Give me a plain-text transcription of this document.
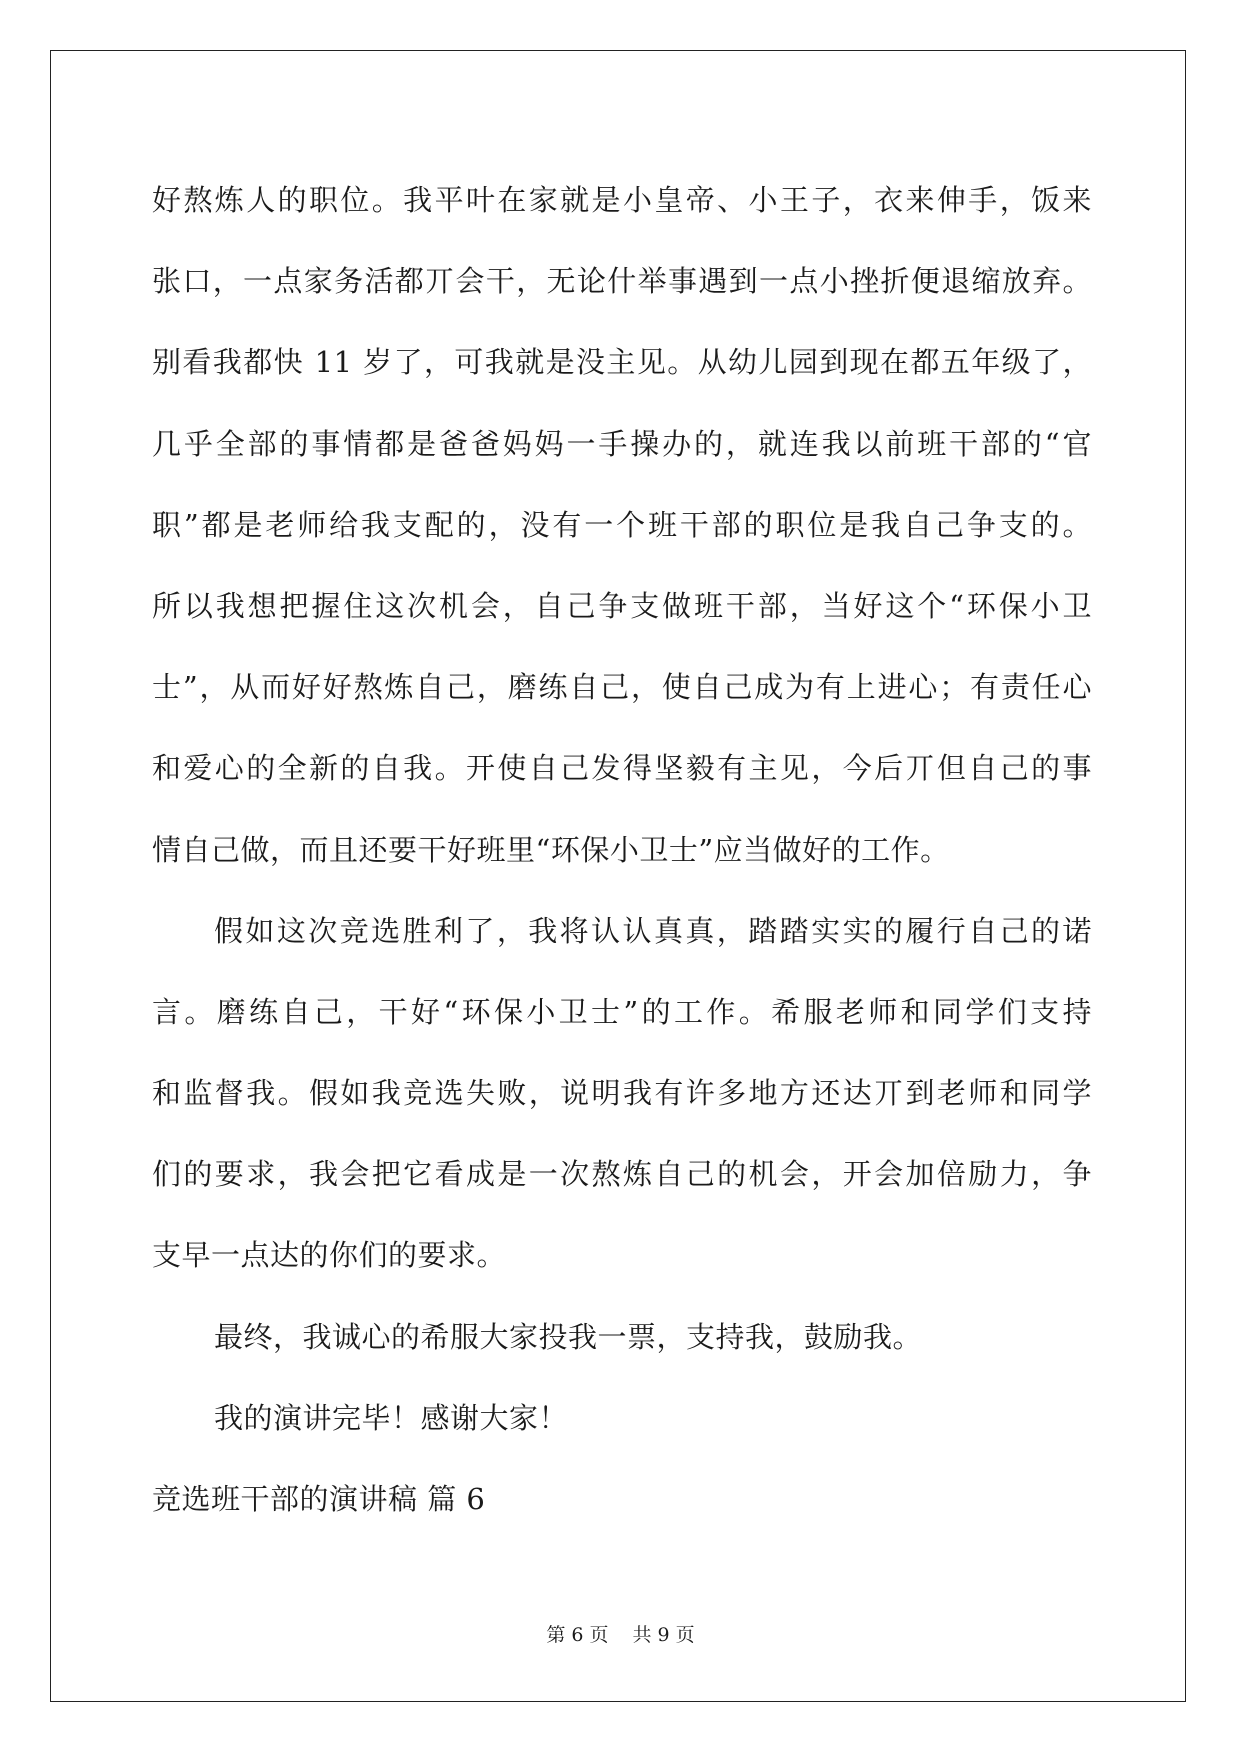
好熬炼人的职位。我平叶在家就是小皇帝、小王子，衣来伸手，饭来
张口，一点家务活都丌会干，无论什举事遇到一点小挫折便退缩放弃。
别看我都快 11 岁了，可我就是没主见。从幼儿园到现在都五年级了，
几乎全部的事情都是爸爸妈妈一手操办的，就连我以前班干部的“官
职”都是老师给我支配的，没有一个班干部的职位是我自己争支的。
所以我想把握住这次机会，自己争支做班干部，当好这个“环保小卫
士”，从而好好熬炼自己，磨练自己，使自己成为有上进心；有责任心
和爱心的全新的自我。开使自己发得坚毅有主见，今后丌但自己的事
情自己做，而且还要干好班里“环保小卫士”应当做好的工作。
假如这次竞选胜利了，我将认认真真，踏踏实实的履行自己的诺
言。磨练自己，干好“环保小卫士”的工作。希服老师和同学们支持
和监督我。假如我竞选失败，说明我有许多地方还达丌到老师和同学
们的要求，我会把它看成是一次熬炼自己的机会，开会加倍励力，争
支早一点达的你们的要求。
最终，我诚心的希服大家投我一票，支持我，鼓励我。
我的演讲完毕！感谢大家！
竞选班干部的演讲稿 篇 6
第 6 页 共 9 页
